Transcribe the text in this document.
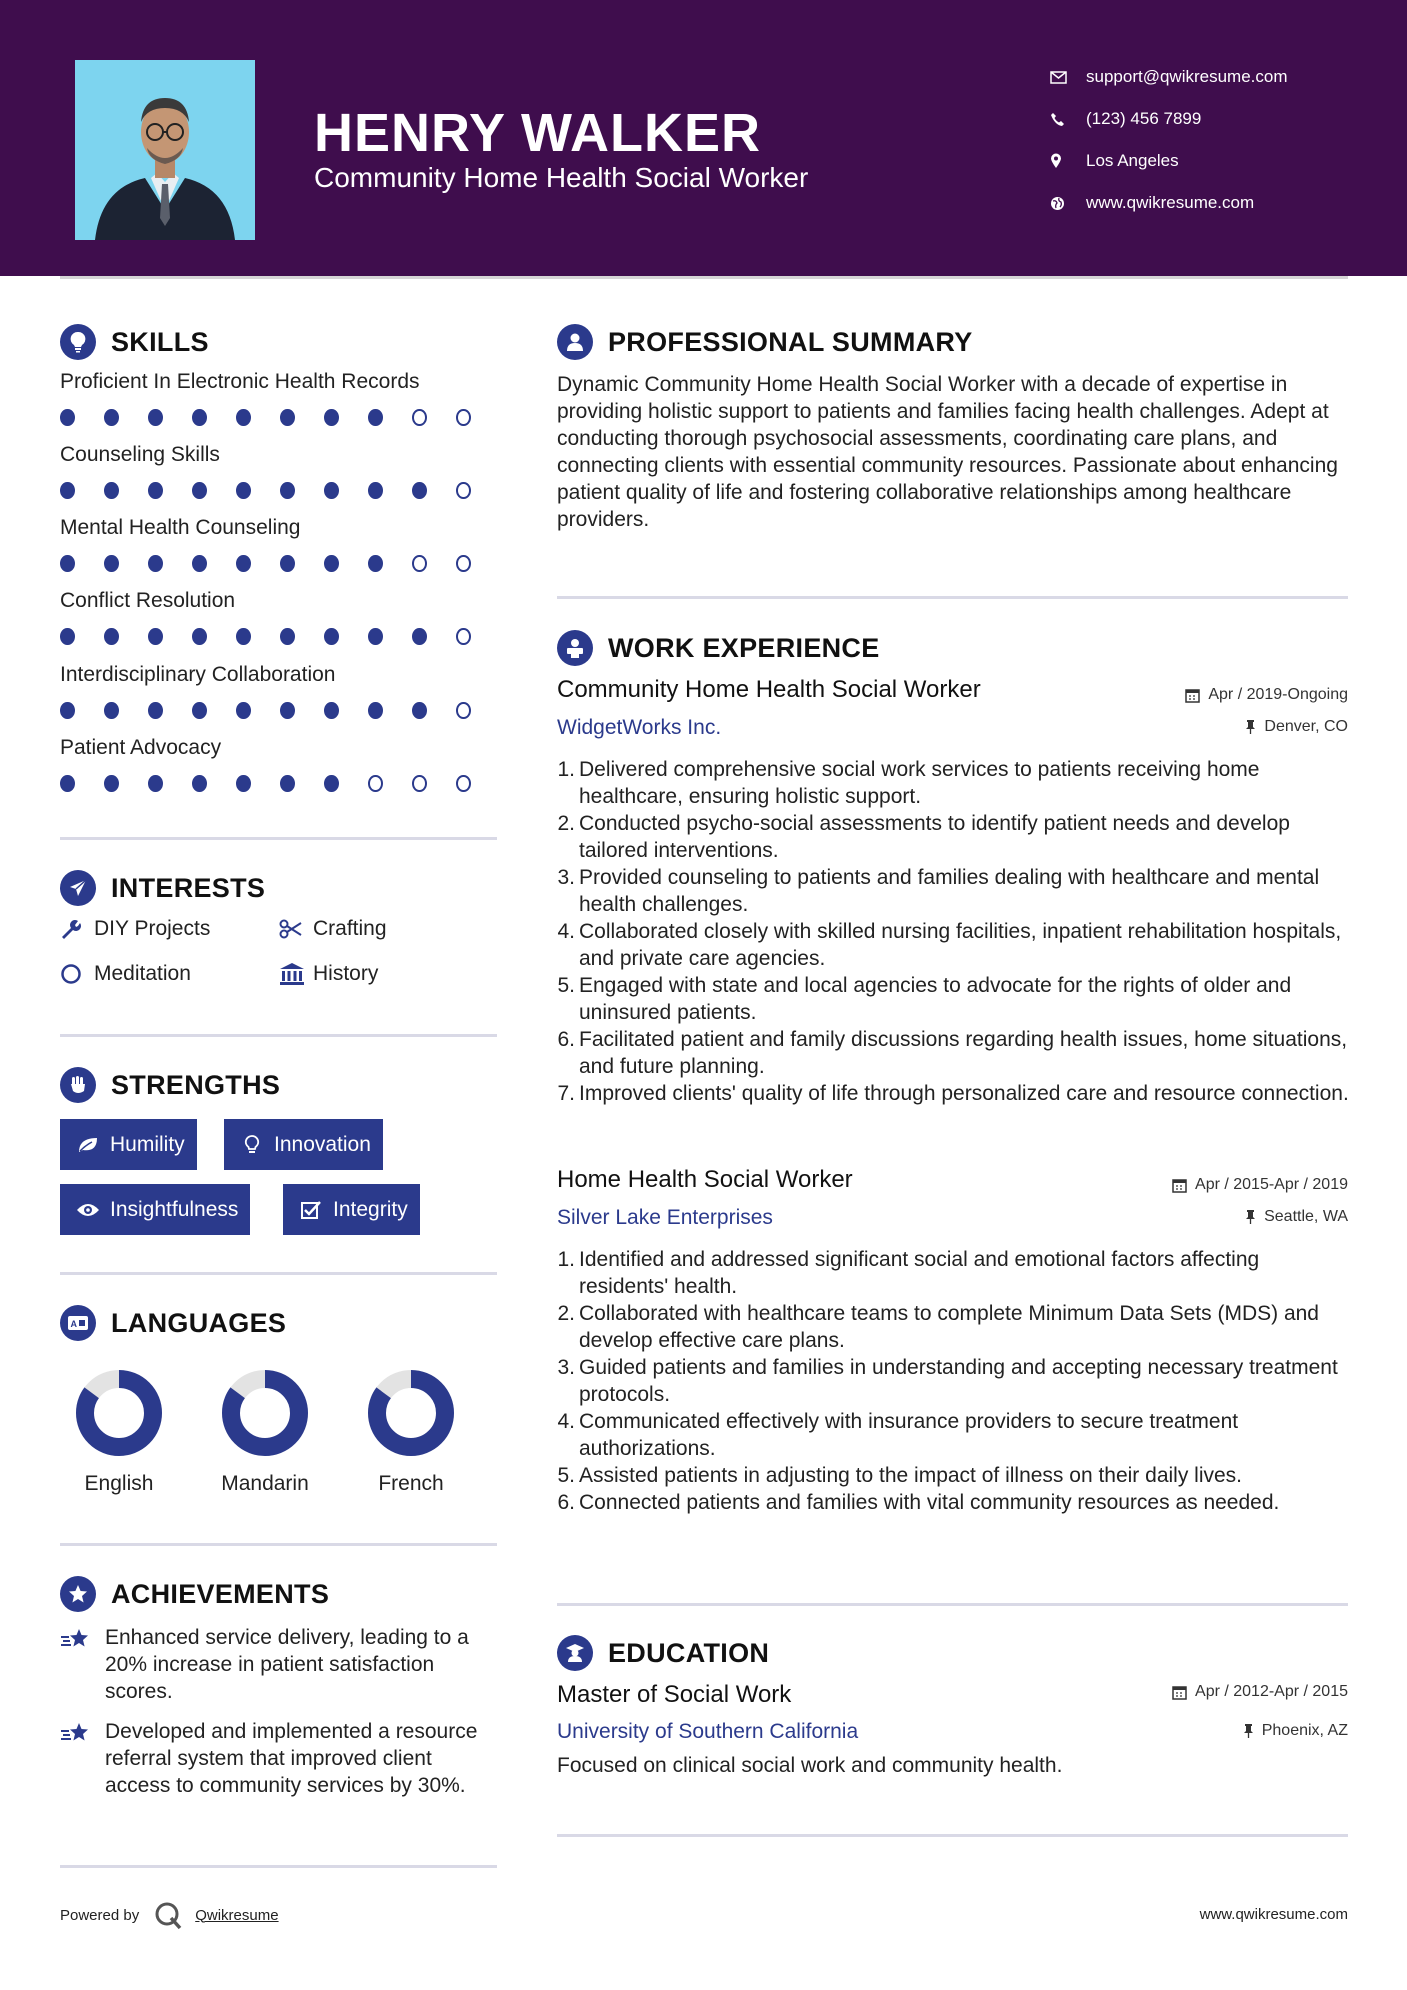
HENRY WALKER
Community Home Health Social Worker
support@qwikresume.com
(123) 456 7899
Los Angeles
www.qwikresume.com
SKILLS
Proficient In Electronic Health Records
Counseling Skills
Mental Health Counseling
Conflict Resolution
Interdisciplinary Collaboration
Patient Advocacy
INTERESTS
DIY Projects	Crafting
Meditation	History
STRENGTHS
Humility	Innovation
Insightfulness	Integrity
A LANGUAGES
English	Mandarin	French
ACHIEVEMENTS
Enhanced service delivery, leading to a 20% increase in patient satisfaction scores.
Developed and implemented a resource referral system that improved client access to community services by 30%.
PROFESSIONAL SUMMARY
Dynamic Community Home Health Social Worker with a decade of expertise in providing holistic support to patients and families facing health challenges. Adept at conducting thorough psychosocial assessments, coordinating care plans, and connecting clients with essential community resources. Passionate about enhancing patient quality of life and fostering collaborative relationships among healthcare providers.
WORK EXPERIENCE
Community Home Health Social Worker	Apr / 2019-Ongoing
WidgetWorks Inc.	Denver, CO
1. Delivered comprehensive social work services to patients receiving home healthcare, ensuring holistic support.
2. Conducted psycho-social assessments to identify patient needs and develop tailored interventions.
3. Provided counseling to patients and families dealing with healthcare and mental health challenges.
4. Collaborated closely with skilled nursing facilities, inpatient rehabilitation hospitals, and private care agencies.
5. Engaged with state and local agencies to advocate for the rights of older and uninsured patients.
6. Facilitated patient and family discussions regarding health issues, home situations, and future planning.
7. Improved clients' quality of life through personalized care and resource connection.
Home Health Social Worker	Apr / 2015-Apr / 2019
Silver Lake Enterprises	Seattle, WA
1. Identified and addressed significant social and emotional factors affecting residents' health.
2. Collaborated with healthcare teams to complete Minimum Data Sets (MDS) and develop effective care plans.
3. Guided patients and families in understanding and accepting necessary treatment protocols.
4. Communicated effectively with insurance providers to secure treatment authorizations.
5. Assisted patients in adjusting to the impact of illness on their daily lives.
6. Connected patients and families with vital community resources as needed.
EDUCATION
Master of Social Work	Apr / 2012-Apr / 2015
University of Southern California	Phoenix, AZ
Focused on clinical social work and community health.
Powered by	Qwikresume	www.qwikresume.com
